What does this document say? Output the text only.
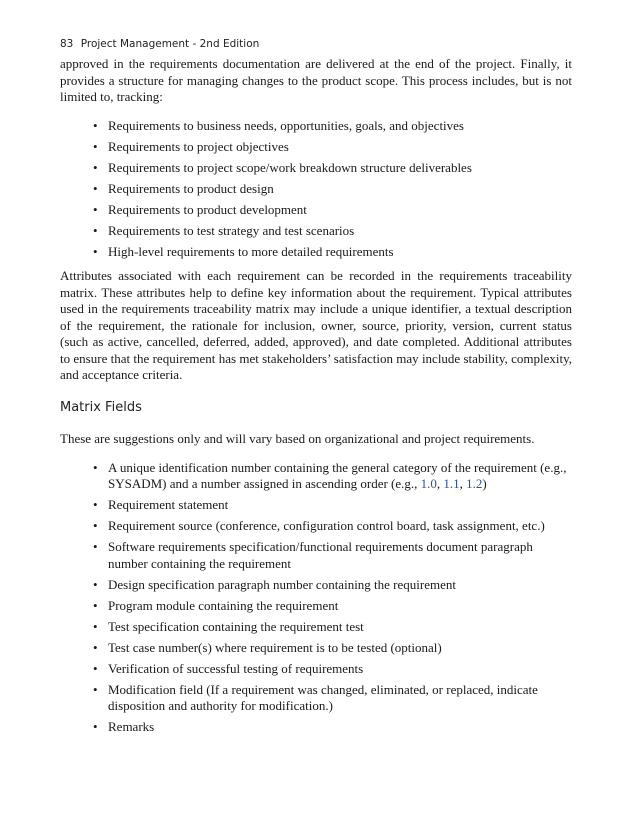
83 Project Management - 2nd Edition

approved in the requirements documentation are delivered at the end of the project. Finally, it provides a structure for managing changes to the product scope. This process includes, but is not limited to, tracking:

• Requirements to business needs, opportunities, goals, and objectives
• Requirements to project objectives
• Requirements to project scope/work breakdown structure deliverables
• Requirements to product design
• Requirements to product development
• Requirements to test strategy and test scenarios
• High-level requirements to more detailed requirements

Attributes associated with each requirement can be recorded in the requirements traceability matrix. These attributes help to define key information about the requirement. Typical attributes used in the requirements traceability matrix may include a unique identifier, a textual description of the requirement, the rationale for inclusion, owner, source, priority, version, current status (such as active, cancelled, deferred, added, approved), and date completed. Additional attributes to ensure that the requirement has met stakeholders’ satisfaction may include stability, complexity, and acceptance criteria.

Matrix Fields

These are suggestions only and will vary based on organizational and project requirements.

• A unique identification number containing the general category of the requirement (e.g., SYSADM) and a number assigned in ascending order (e.g., 1.0, 1.1, 1.2)
• Requirement statement
• Requirement source (conference, configuration control board, task assignment, etc.)
• Software requirements specification/functional requirements document paragraph number containing the requirement
• Design specification paragraph number containing the requirement
• Program module containing the requirement
• Test specification containing the requirement test
• Test case number(s) where requirement is to be tested (optional)
• Verification of successful testing of requirements
• Modification field (If a requirement was changed, eliminated, or replaced, indicate disposition and authority for modification.)
• Remarks
